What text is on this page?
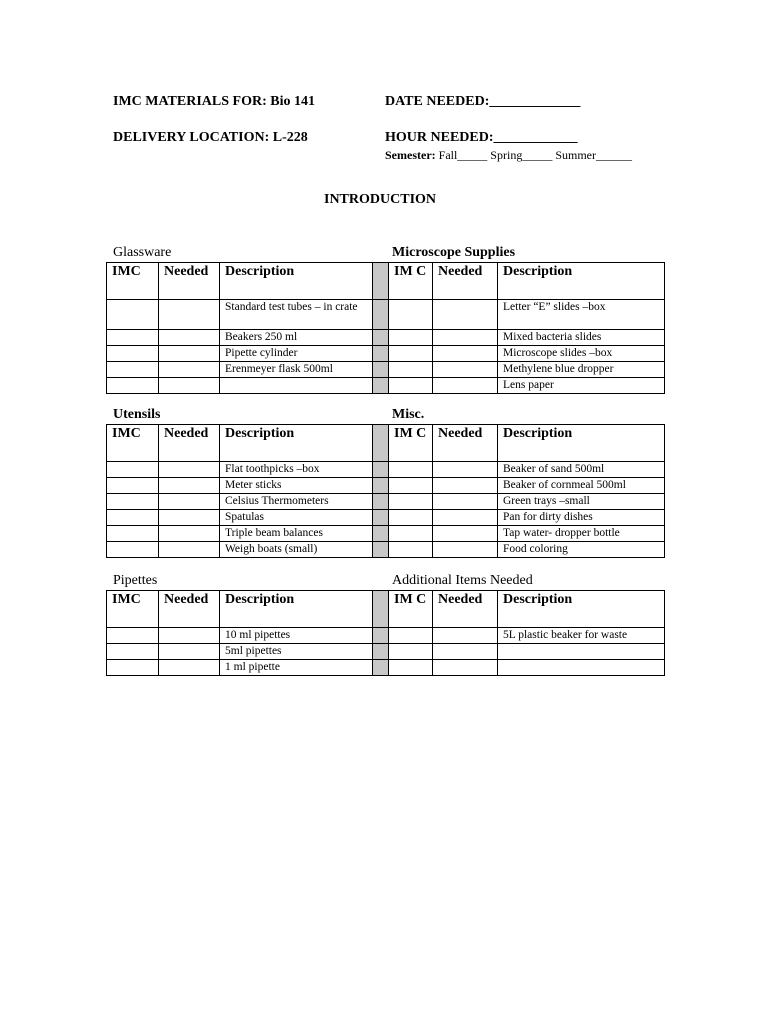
IMC MATERIALS FOR: Bio 141	DATE NEEDED:_____________
DELIVERY LOCATION: L-228	HOUR NEEDED:____________
Semester: Fall_____ Spring_____ Summer______
INTRODUCTION
Glassware	Microscope Supplies
IMC	Needed	Description		IM C	Needed	Description
		Standard test tubes – in crate				Letter “E” slides –box
		Beakers 250 ml				Mixed bacteria slides
		Pipette cylinder				Microscope slides –box
		Erenmeyer flask 500ml				Methylene blue dropper
						Lens paper
Utensils	Misc.
IMC	Needed	Description		IM C	Needed	Description
		Flat toothpicks –box				Beaker of sand 500ml
		Meter sticks				Beaker of cornmeal 500ml
		Celsius Thermometers				Green trays –small
		Spatulas				Pan for dirty dishes
		Triple beam balances				Tap water- dropper bottle
		Weigh boats (small)				Food coloring
Pipettes	Additional Items Needed
IMC	Needed	Description		IM C	Needed	Description
		10 ml pipettes				5L plastic beaker for waste
		5ml pipettes				
		1 ml pipette				
